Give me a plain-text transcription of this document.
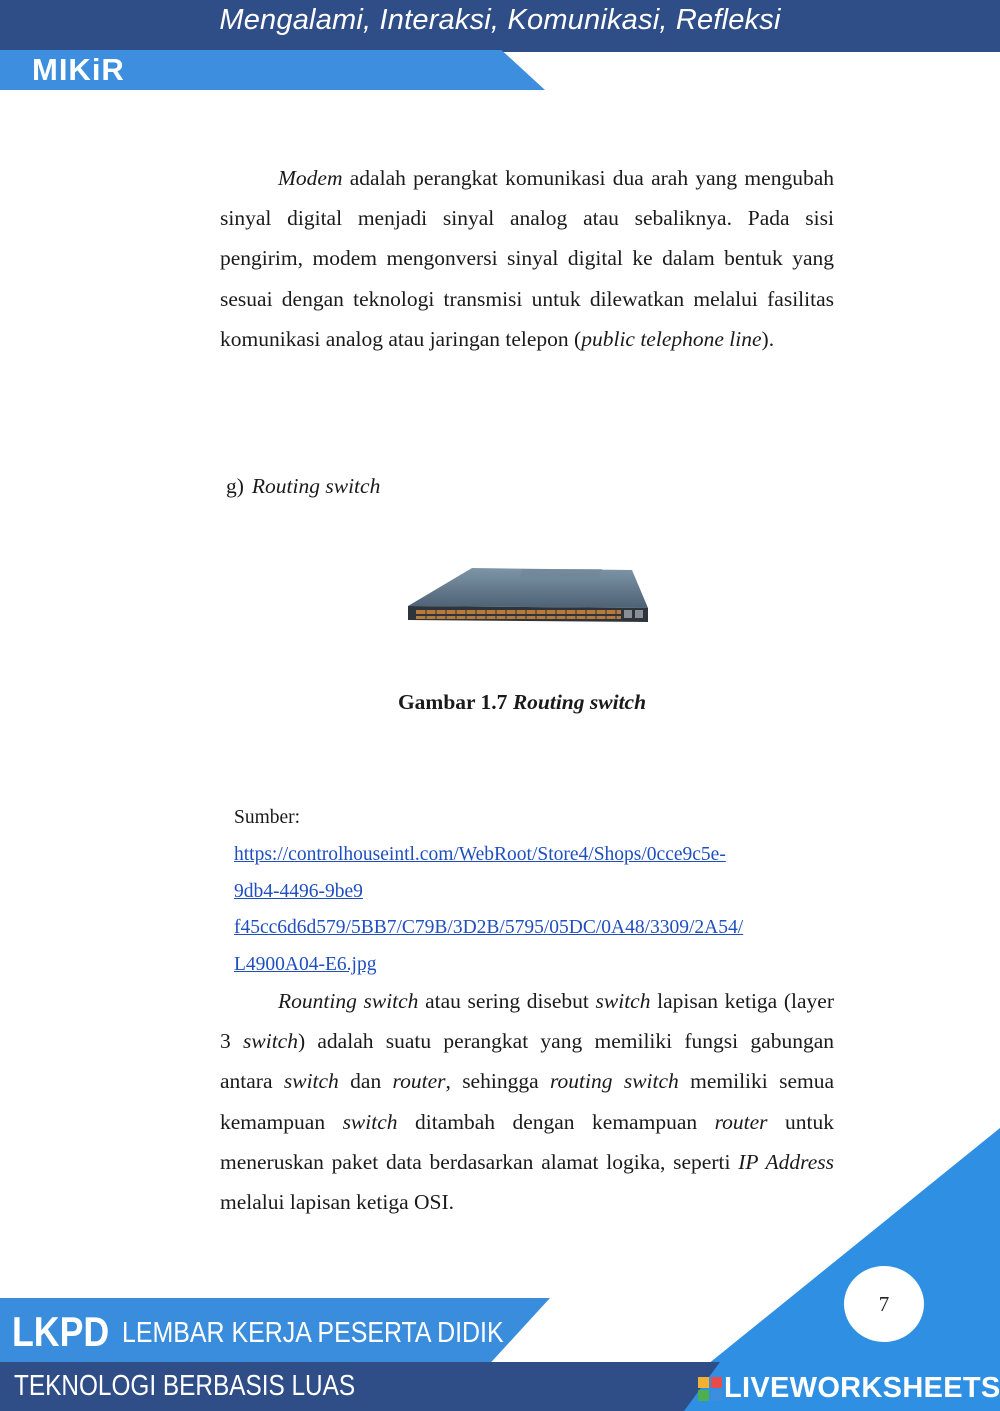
Mengalami, Interaksi, Komunikasi, Refleksi
MIKiR

Modem adalah perangkat komunikasi dua arah yang mengubah sinyal digital menjadi sinyal analog atau sebaliknya. Pada sisi pengirim, modem mengonversi sinyal digital ke dalam bentuk yang sesuai dengan teknologi transmisi untuk dilewatkan melalui fasilitas komunikasi analog atau jaringan telepon (public telephone line).

g) Routing switch
Gambar 1.7 Routing switch
Sumber:
https://controlhouseintl.com/WebRoot/Store4/Shops/0cce9c5e-
9db4-4496-9be9
f45cc6d6d579/5BB7/C79B/3D2B/5795/05DC/0A48/3309/2A54/
L4900A04-E6.jpg

Rounting switch atau sering disebut switch lapisan ketiga (layer 3 switch) adalah suatu perangkat yang memiliki fungsi gabungan antara switch dan router, sehingga routing switch memiliki semua kemampuan switch ditambah dengan kemampuan router untuk meneruskan paket data berdasarkan alamat logika, seperti IP Address melalui lapisan ketiga OSI.

LKPD LEMBAR KERJA PESERTA DIDIK
TEKNOLOGI BERBASIS LUAS
7
LIVEWORKSHEETS
